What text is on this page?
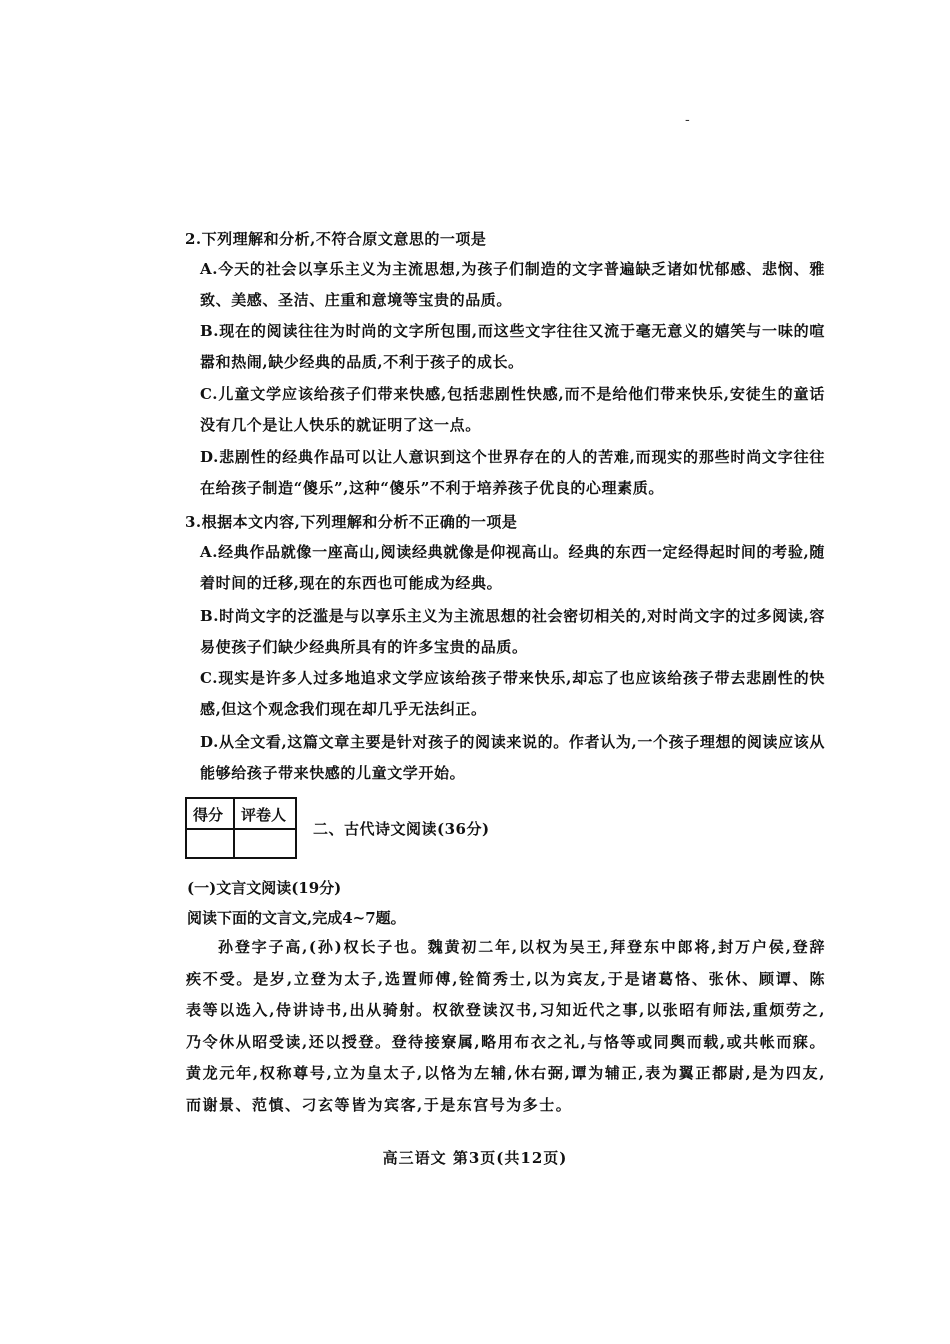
-
2.下列理解和分析,不符合原文意思的一项是
A.今天的社会以享乐主义为主流思想,为孩子们制造的文字普遍缺乏诸如忧郁感、悲悯、雅致、美感、圣洁、庄重和意境等宝贵的品质。
B.现在的阅读往往为时尚的文字所包围,而这些文字往往又流于毫无意义的嬉笑与一味的喧嚣和热闹,缺少经典的品质,不利于孩子的成长。
C.儿童文学应该给孩子们带来快感,包括悲剧性快感,而不是给他们带来快乐,安徒生的童话没有几个是让人快乐的就证明了这一点。
D.悲剧性的经典作品可以让人意识到这个世界存在的人的苦难,而现实的那些时尚文字往往在给孩子制造“傻乐”,这种“傻乐”不利于培养孩子优良的心理素质。
3.根据本文内容,下列理解和分析不正确的一项是
A.经典作品就像一座高山,阅读经典就像是仰视高山。经典的东西一定经得起时间的考验,随着时间的迁移,现在的东西也可能成为经典。
B.时尚文字的泛滥是与以享乐主义为主流思想的社会密切相关的,对时尚文字的过多阅读,容易使孩子们缺少经典所具有的许多宝贵的品质。
C.现实是许多人过多地追求文学应该给孩子带来快乐,却忘了也应该给孩子带去悲剧性的快感,但这个观念我们现在却几乎无法纠正。
D.从全文看,这篇文章主要是针对孩子的阅读来说的。作者认为,一个孩子理想的阅读应该从能够给孩子带来快感的儿童文学开始。
得分 评卷人
二、古代诗文阅读(36分)
(一)文言文阅读(19分)
阅读下面的文言文,完成4~7题。
孙登字子高,(孙)权长子也。魏黄初二年,以权为吴王,拜登东中郎将,封万户侯,登辞疾不受。是岁,立登为太子,选置师傅,铨简秀士,以为宾友,于是诸葛恪、张休、顾谭、陈表等以选入,侍讲诗书,出从骑射。权欲登读汉书,习知近代之事,以张昭有师法,重烦劳之,乃令休从昭受读,还以授登。登待接寮属,略用布衣之礼,与恪等或同舆而载,或共帐而寐。黄龙元年,权称尊号,立为皇太子,以恪为左辅,休右弼,谭为辅正,表为翼正都尉,是为四友,而谢景、范慎、刁玄等皆为宾客,于是东宫号为多士。
高三语文 第3页(共12页)
